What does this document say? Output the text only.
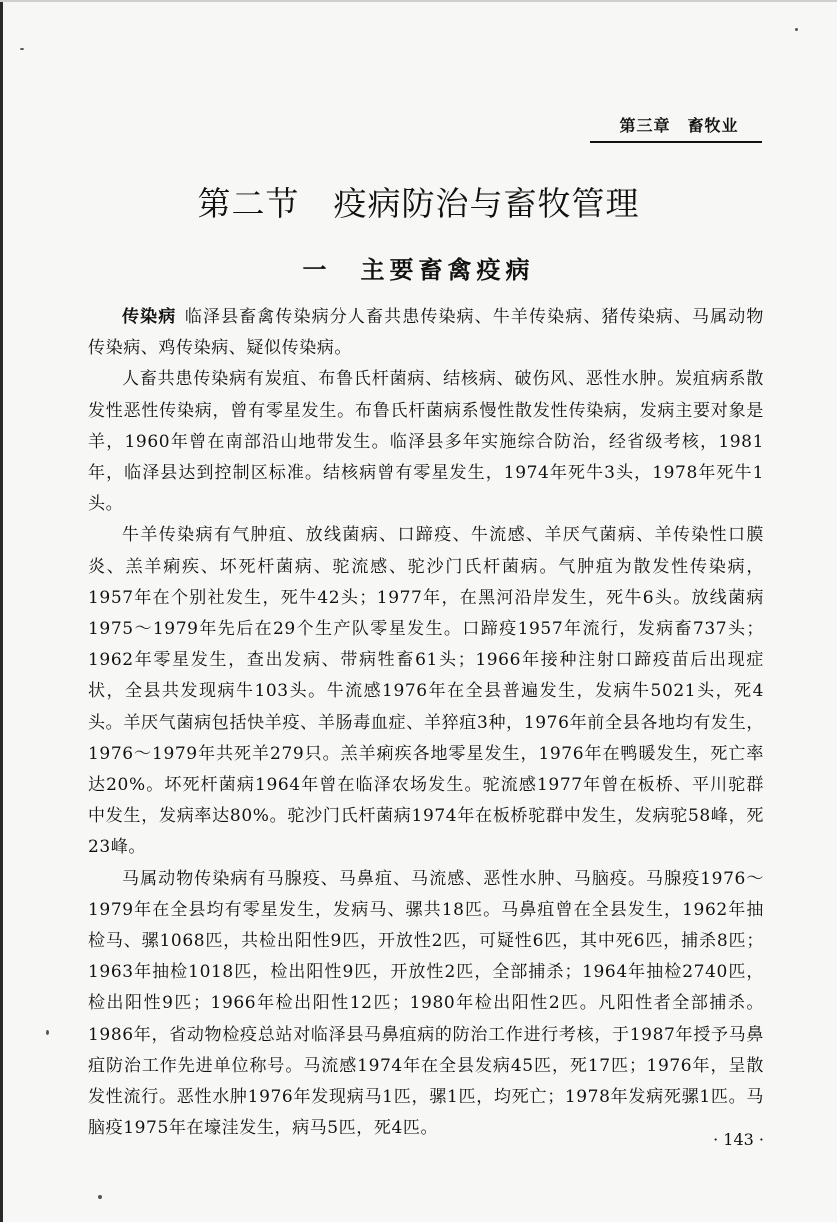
第三章　畜牧业
第二节　疫病防治与畜牧管理
一　主要畜禽疫病

传染病 临泽县畜禽传染病分人畜共患传染病、牛羊传染病、猪传染病、马属动物传染病、鸡传染病、疑似传染病。

人畜共患传染病有炭疽、布鲁氏杆菌病、结核病、破伤风、恶性水肿。炭疽病系散发性恶性传染病，曾有零星发生。布鲁氏杆菌病系慢性散发性传染病，发病主要对象是羊，1960年曾在南部沿山地带发生。临泽县多年实施综合防治，经省级考核，1981年，临泽县达到控制区标准。结核病曾有零星发生，1974年死牛3头，1978年死牛1头。

牛羊传染病有气肿疽、放线菌病、口蹄疫、牛流感、羊厌气菌病、羊传染性口膜炎、羔羊痢疾、坏死杆菌病、驼流感、驼沙门氏杆菌病。气肿疽为散发性传染病，1957年在个别社发生，死牛42头；1977年，在黑河沿岸发生，死牛6头。放线菌病1975～1979年先后在29个生产队零星发生。口蹄疫1957年流行，发病畜737头；1962年零星发生，查出发病、带病牲畜61头；1966年接种注射口蹄疫苗后出现症状，全县共发现病牛103头。牛流感1976年在全县普遍发生，发病牛5021头，死4头。羊厌气菌病包括快羊疫、羊肠毒血症、羊猝疽3种，1976年前全县各地均有发生，1976～1979年共死羊279只。羔羊痢疾各地零星发生，1976年在鸭暖发生，死亡率达20%。坏死杆菌病1964年曾在临泽农场发生。驼流感1977年曾在板桥、平川驼群中发生，发病率达80%。驼沙门氏杆菌病1974年在板桥驼群中发生，发病驼58峰，死23峰。

马属动物传染病有马腺疫、马鼻疽、马流感、恶性水肿、马脑疫。马腺疫1976～1979年在全县均有零星发生，发病马、骡共18匹。马鼻疽曾在全县发生，1962年抽检马、骡1068匹，共检出阳性9匹，开放性2匹，可疑性6匹，其中死6匹，捕杀8匹；1963年抽检1018匹，检出阳性9匹，开放性2匹，全部捕杀；1964年抽检2740匹，检出阳性9匹；1966年检出阳性12匹；1980年检出阳性2匹。凡阳性者全部捕杀。1986年，省动物检疫总站对临泽县马鼻疽病的防治工作进行考核，于1987年授予马鼻疽防治工作先进单位称号。马流感1974年在全县发病45匹，死17匹；1976年，呈散发性流行。恶性水肿1976年发现病马1匹，骡1匹，均死亡；1978年发病死骡1匹。马脑疫1975年在壕洼发生，病马5匹，死4匹。

· 143 ·
